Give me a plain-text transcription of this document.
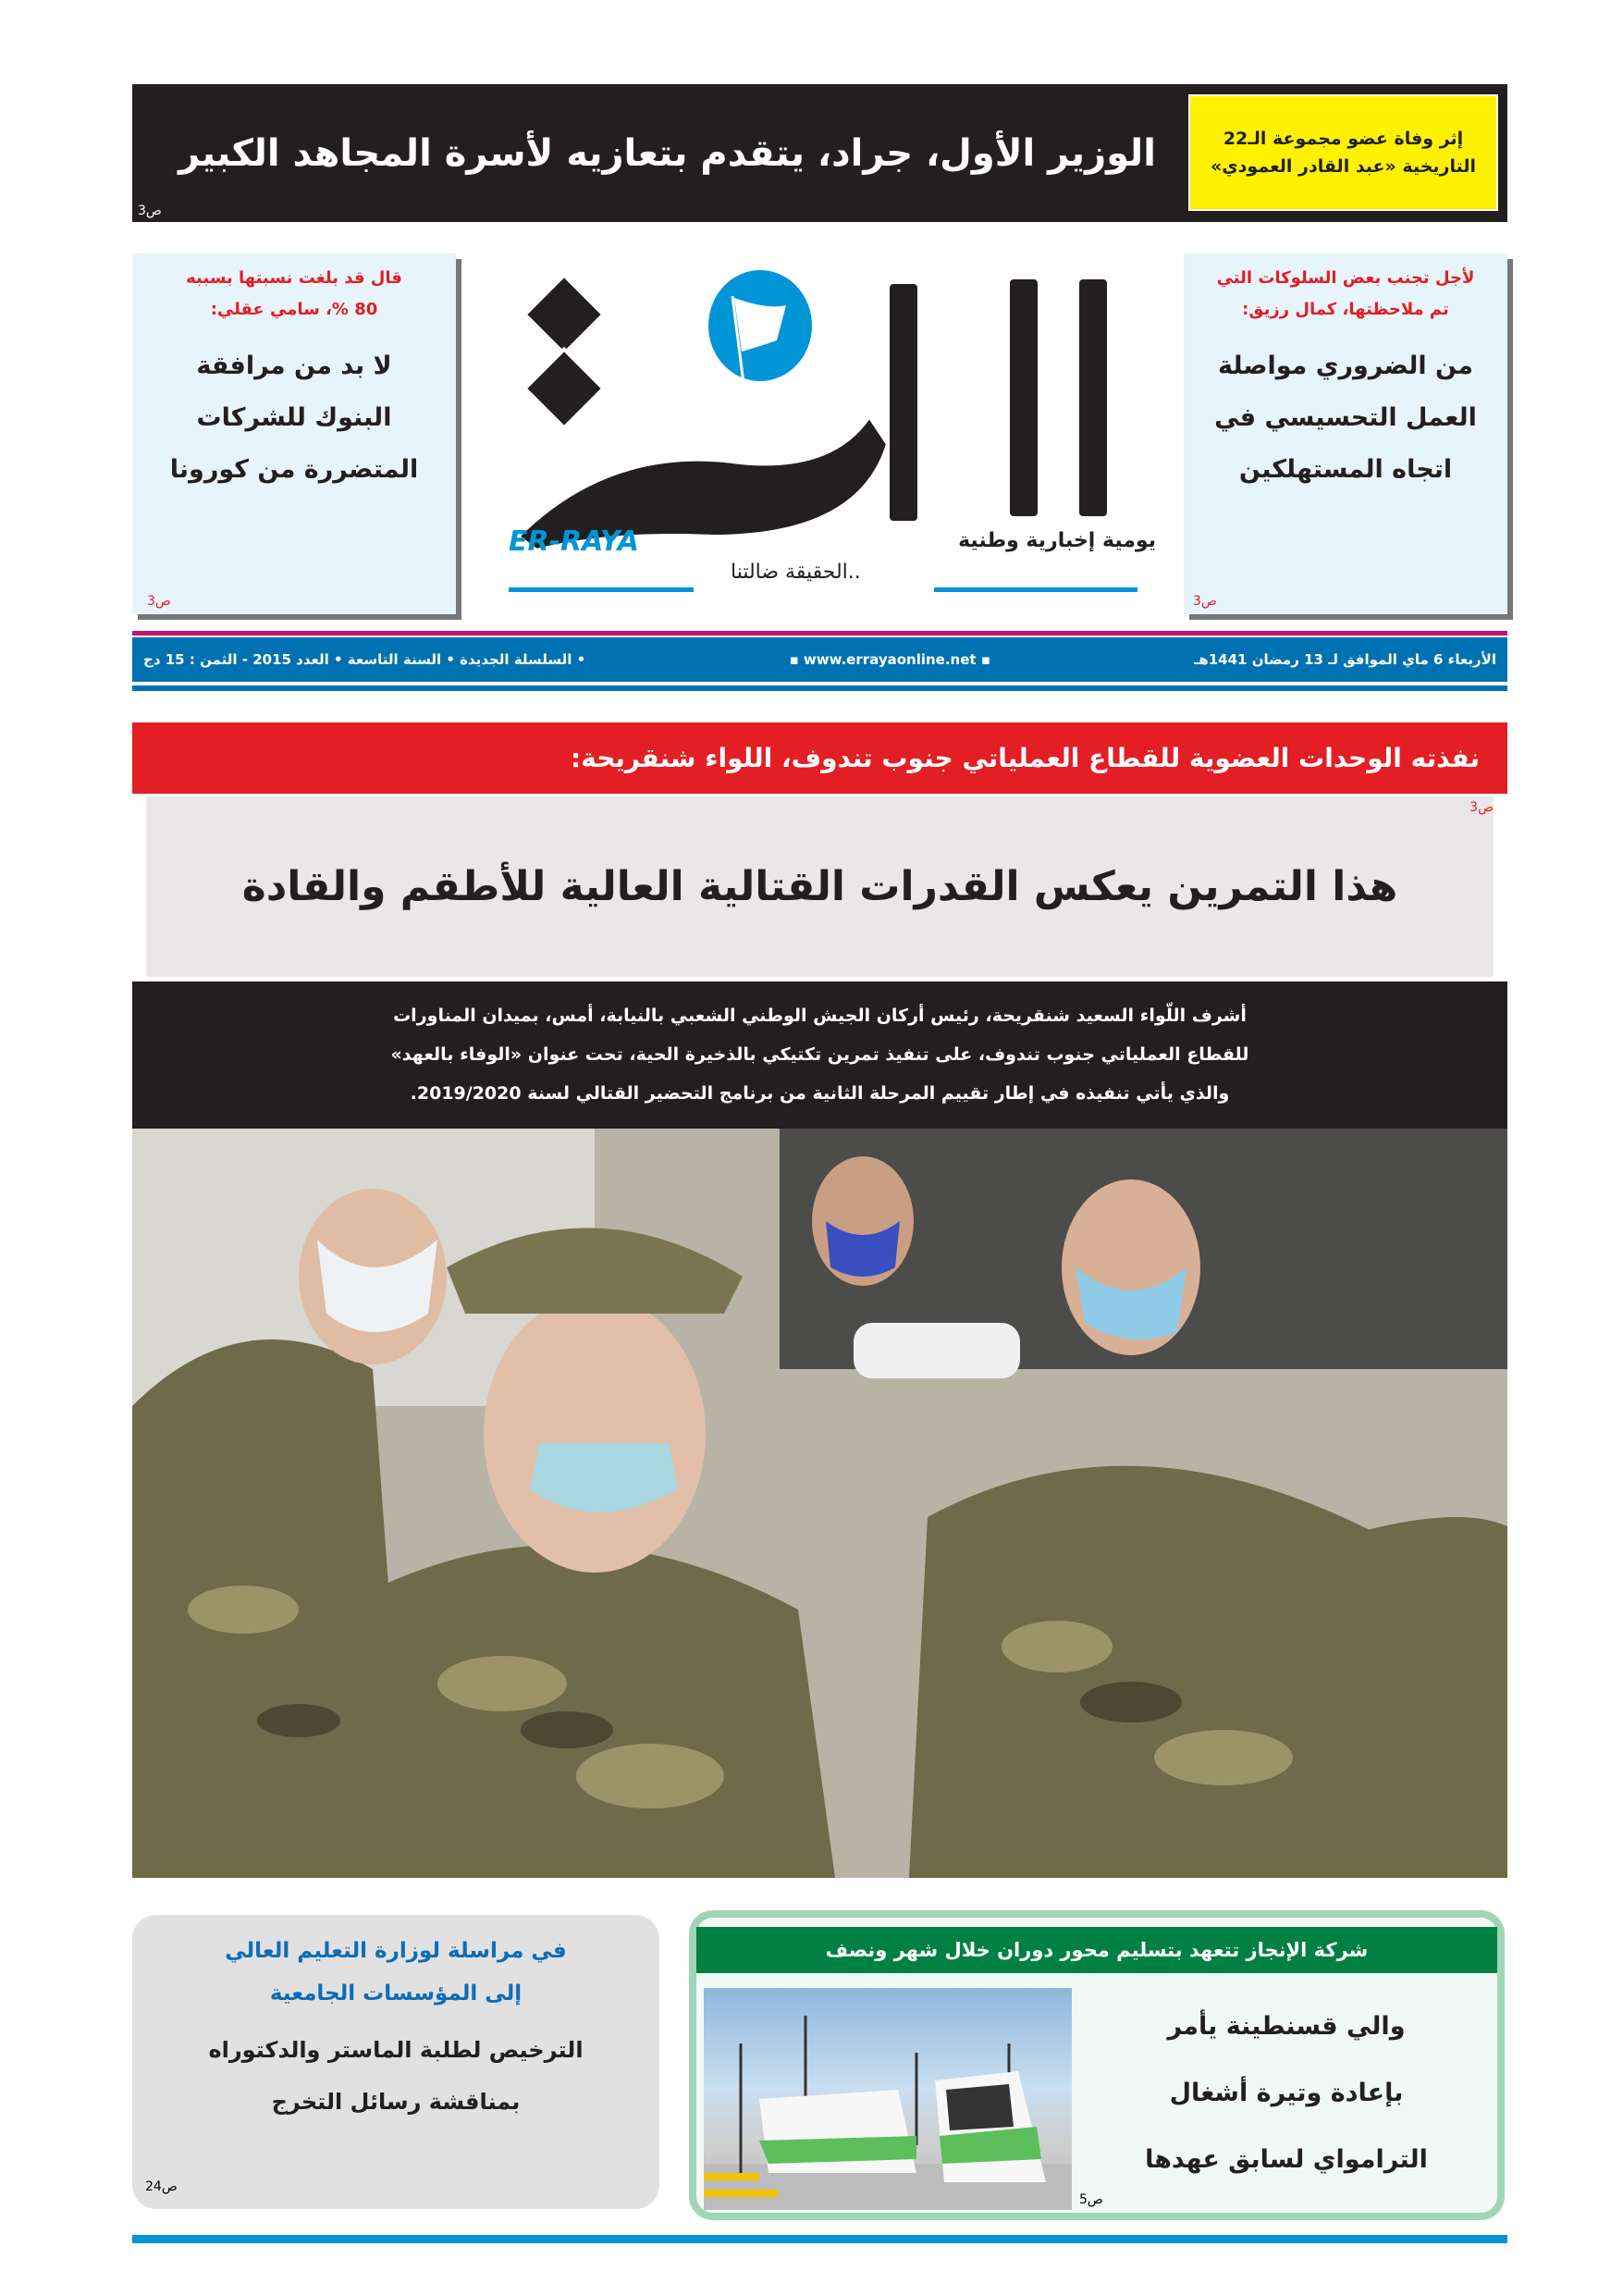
الوزير الأول، جراد، يتقدم بتعازيه لأسرة المجاهد الكبير
ص3
إثر وفاة عضو مجموعة الـ22
التاريخية «عبد القادر العمودي»
لأجل تجنب بعض السلوكات التي
تم ملاحظتها، كمال رزيق:
من الضروري مواصلة
العمل التحسيسي في
اتجاه المستهلكين
ص3
قال قد بلغت نسبتها بسببه
80 %، سامي عقلي:
لا بد من مرافقة
البنوك للشركات
المتضررة من كورونا
ص3
ER-RAYA	يومية إخبارية وطنية
..الحقيقة ضالتنا
الأربعاء 6 ماي الموافق لـ 13 رمضان 1441هـ
▪ www.errayaonline.net ▪
• السلسلة الجديدة • السنة التاسعة • العدد 2015 - الثمن : 15 دج
نفذته الوحدات العضوية للقطاع العملياتي جنوب تندوف، اللواء شنقريحة:
هذا التمرين يعكس القدرات القتالية العالية للأطقم والقادة
ص3
أشرف اللّواء السعيد شنقريحة، رئيس أركان الجيش الوطني الشعبي بالنيابة، أمس، بميدان المناورات
للقطاع العملياتي جنوب تندوف، على تنفيذ تمرين تكتيكي بالذخيرة الحية، تحت عنوان «الوفاء بالعهد»
والذي يأتي تنفيذه في إطار تقييم المرحلة الثانية من برنامج التحضير القتالي لسنة 2019/2020.
في مراسلة لوزارة التعليم العالي
إلى المؤسسات الجامعية
الترخيص لطلبة الماستر والدكتوراه
بمناقشة رسائل التخرج
ص24
شركة الإنجاز تتعهد بتسليم محور دوران خلال شهر ونصف
والي قسنطينة يأمر
بإعادة وتيرة أشغال
الترامواي لسابق عهدها
ص5
